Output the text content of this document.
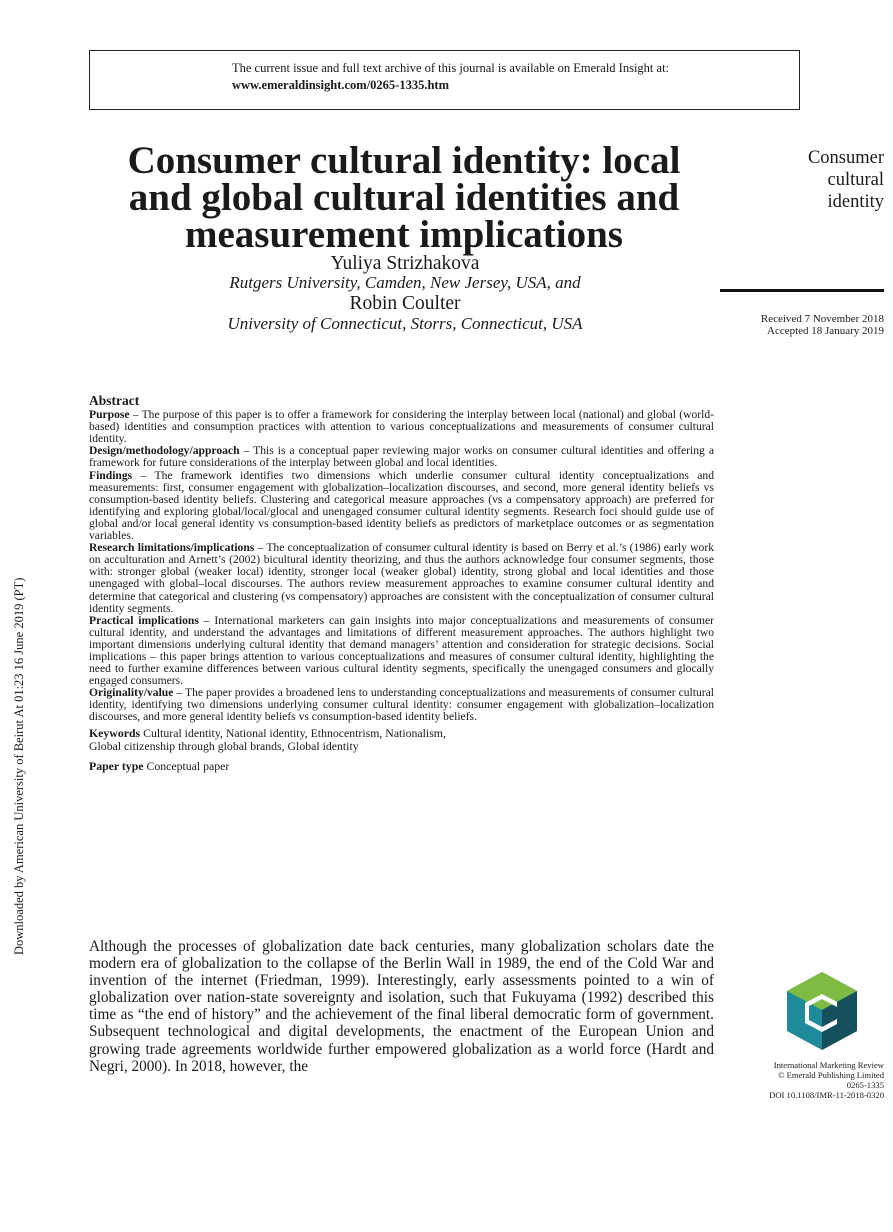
The current issue and full text archive of this journal is available on Emerald Insight at:
www.emeraldinsight.com/0265-1335.htm
Downloaded by American University of Beirut At 01:23 16 June 2019 (PT)
Consumer cultural identity: local
and global cultural identities and
measurement implications
Yuliya Strizhakova
Rutgers University, Camden, New Jersey, USA, and
Robin Coulter
University of Connecticut, Storrs, Connecticut, USA
Consumer
cultural
identity
Received 7 November 2018
Accepted 18 January 2019
Abstract

Purpose – The purpose of this paper is to offer a framework for considering the interplay between local (national) and global (world-based) identities and consumption practices with attention to various conceptualizations and measurements of consumer cultural identity.

Design/methodology/approach – This is a conceptual paper reviewing major works on consumer cultural identities and offering a framework for future considerations of the interplay between global and local identities.

Findings – The framework identifies two dimensions which underlie consumer cultural identity conceptualizations and measurements: first, consumer engagement with globalization–localization discourses, and second, more general identity beliefs vs consumption-based identity beliefs. Clustering and categorical measure approaches (vs a compensatory approach) are preferred for identifying and exploring global/local/glocal and unengaged consumer cultural identity segments. Research foci should guide use of global and/or local general identity vs consumption-based identity beliefs as predictors of marketplace outcomes or as segmentation variables.

Research limitations/implications – The conceptualization of consumer cultural identity is based on Berry et al.’s (1986) early work on acculturation and Arnett’s (2002) bicultural identity theorizing, and thus the authors acknowledge four consumer segments, those with: stronger global (weaker local) identity, stronger local (weaker global) identity, strong global and local identities and those unengaged with global–local discourses. The authors review measurement approaches to examine consumer cultural identity and determine that categorical and clustering (vs compensatory) approaches are consistent with the conceptualization of consumer cultural identity segments.

Practical implications – International marketers can gain insights into major conceptualizations and measurements of consumer cultural identity, and understand the advantages and limitations of different measurement approaches. The authors highlight two important dimensions underlying cultural identity that demand managers’ attention and consideration for strategic decisions. Social implications – this paper brings attention to various conceptualizations and measures of consumer cultural identity, highlighting the need to further examine differences between various cultural identity segments, specifically the unengaged consumers and glocally engaged consumers.

Originality/value – The paper provides a broadened lens to understanding conceptualizations and measurements of consumer cultural identity, identifying two dimensions underlying consumer cultural identity: consumer engagement with globalization–localization discourses, and more general identity beliefs vs consumption-based identity beliefs.

Keywords Cultural identity, National identity, Ethnocentrism, Nationalism,
Global citizenship through global brands, Global identity
Paper type Conceptual paper
Although the processes of globalization date back centuries, many globalization scholars date the modern era of globalization to the collapse of the Berlin Wall in 1989, the end of the Cold War and invention of the internet (Friedman, 1999). Interestingly, early assessments pointed to a win of globalization over nation-state sovereignty and isolation, such that Fukuyama (1992) described this time as “the end of history” and the achievement of the final liberal democratic form of government. Subsequent technological and digital developments, the enactment of the European Union and growing trade agreements worldwide further empowered globalization as a world force (Hardt and Negri, 2000). In 2018, however, the	International Marketing Review
© Emerald Publishing Limited
0265-1335
DOI 10.1108/IMR-11-2018-0320
